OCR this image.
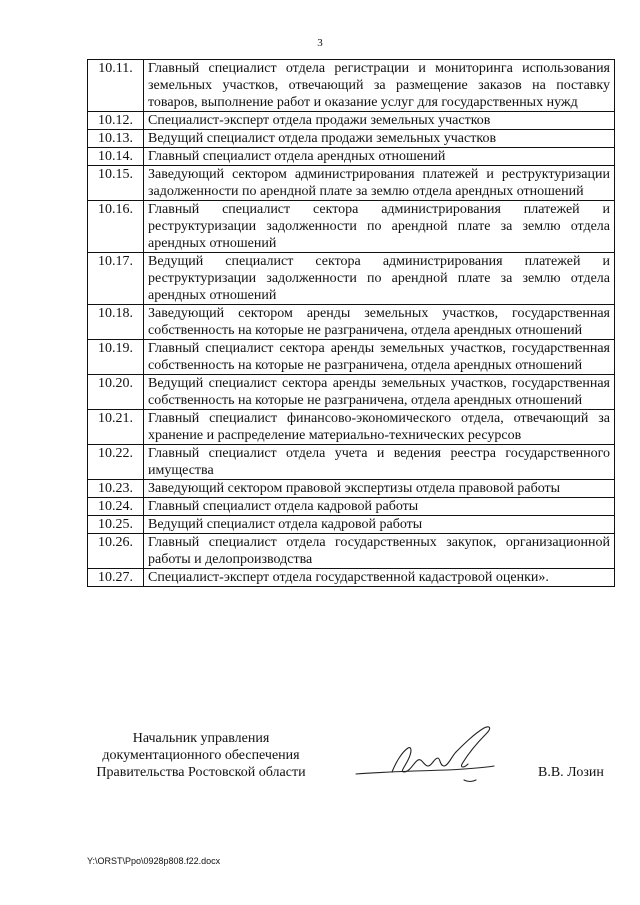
3
10.11.	Главный специалист отдела регистрации и мониторинга использования земельных участков, отвечающий за размещение заказов на поставку товаров, выполнение работ и оказание услуг для государственных нужд
10.12.	Специалист-эксперт отдела продажи земельных участков
10.13.	Ведущий специалист отдела продажи земельных участков
10.14.	Главный специалист отдела арендных отношений
10.15.	Заведующий сектором администрирования платежей и реструктуризации задолженности по арендной плате за землю отдела арендных отношений
10.16.	Главный специалист сектора администрирования платежей и реструктуризации задолженности по арендной плате за землю отдела арендных отношений
10.17.	Ведущий специалист сектора администрирования платежей и реструктуризации задолженности по арендной плате за землю отдела арендных отношений
10.18.	Заведующий сектором аренды земельных участков, государственная собственность на которые не разграничена, отдела арендных отношений
10.19.	Главный специалист сектора аренды земельных участков, государственная собственность на которые не разграничена, отдела арендных отношений
10.20.	Ведущий специалист сектора аренды земельных участков, государственная собственность на которые не разграничена, отдела арендных отношений
10.21.	Главный специалист финансово-экономического отдела, отвечающий за хранение и распределение материально-технических ресурсов
10.22.	Главный специалист отдела учета и ведения реестра государственного имущества
10.23.	Заведующий сектором правовой экспертизы отдела правовой работы
10.24.	Главный специалист отдела кадровой работы
10.25.	Ведущий специалист отдела кадровой работы
10.26.	Главный специалист отдела государственных закупок, организационной работы и делопроизводства
10.27.	Специалист-эксперт отдела государственной кадастровой оценки».
Начальник управления
документационного обеспечения
Правительства Ростовской области	В.В. Лозин
Y:\ORST\Ppo\0928p808.f22.docx
